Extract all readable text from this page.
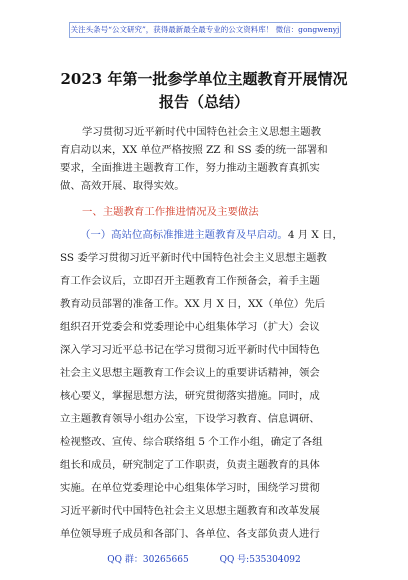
关注头条号“公文研究”，获得最新最全最专业的公文资料库！ 微信：gongwenyj
2023 年第一批参学单位主题教育开展情况
报告（总结）
学习贯彻习近平新时代中国特色社会主义思想主题教
育启动以来，XX 单位严格按照 ZZ 和 SS 委的统一部署和
要求，全面推进主题教育工作，努力推动主题教育真抓实
做、高效开展、取得实效。
一、主题教育工作推进情况及主要做法
（一）高站位高标准推进主题教育及早启动。4 月 X 日，
SS 委学习贯彻习近平新时代中国特色社会主义思想主题教
育工作会议后，立即召开主题教育工作预备会，着手主题
教育动员部署的准备工作。XX 月 X 日，XX（单位）先后
组织召开党委会和党委理论中心组集体学习（扩大）会议
深入学习习近平总书记在学习贯彻习近平新时代中国特色
社会主义思想主题教育工作会议上的重要讲话精神，领会
核心要义，掌握思想方法，研究贯彻落实措施。同时，成
立主题教育领导小组办公室，下设学习教育、信息调研、
检视整改、宣传、综合联络组 5 个工作小组，确定了各组
组长和成员，研究制定了工作职责，负责主题教育的具体
实施。在单位党委理论中心组集体学习时，围绕学习贯彻
习近平新时代中国特色社会主义思想主题教育和改革发展
单位领导班子成员和各部门、各单位、各支部负责人进行
QQ 群：30265665	QQ 号:535304092
